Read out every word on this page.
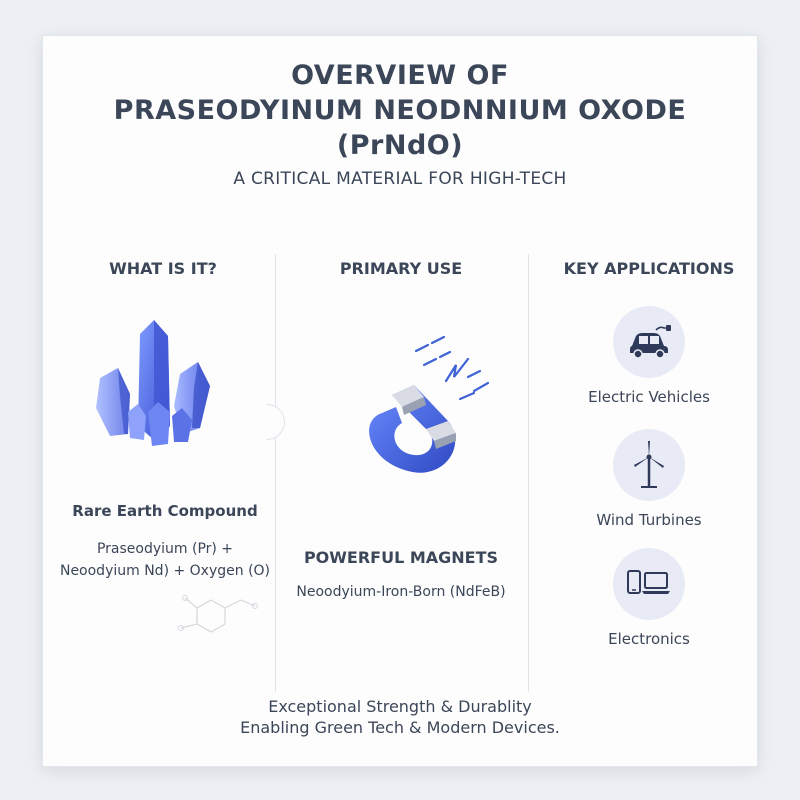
OVERVIEW OF
PRASEODYINUM NEODNNIUM OXODE
(PrNdO)
A CRITICAL MATERIAL FOR HIGH-TECH
WHAT IS IT?
Rare Earth Compound
Praseodyium (Pr) +
Neoodyium Nd) + Oxygen (O)
PRIMARY USE
POWERFUL MAGNETS
Neoodyium-Iron-Born (NdFeB)
KEY APPLICATIONS
Electric Vehicles
Wind Turbines
Electronics
Exceptional Strength & Durablity
Enabling Green Tech & Modern Devices.
